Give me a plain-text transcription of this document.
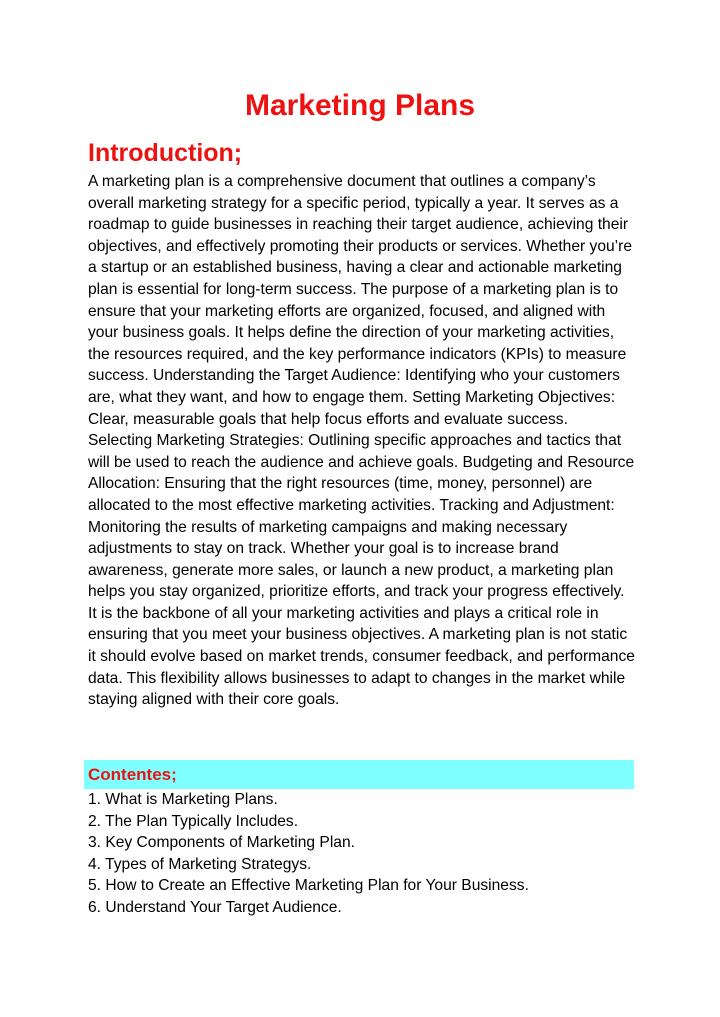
Marketing Plans
Introduction;

A marketing plan is a comprehensive document that outlines a company’s overall marketing strategy for a specific period, typically a year. It serves as a roadmap to guide businesses in reaching their target audience, achieving their objectives, and effectively promoting their products or services. Whether you’re a startup or an established business, having a clear and actionable marketing plan is essential for long-term success. The purpose of a marketing plan is to ensure that your marketing efforts are organized, focused, and aligned with your business goals. It helps define the direction of your marketing activities, the resources required, and the key performance indicators (KPIs) to measure success. Understanding the Target Audience: Identifying who your customers are, what they want, and how to engage them. Setting Marketing Objectives: Clear, measurable goals that help focus efforts and evaluate success. Selecting Marketing Strategies: Outlining specific approaches and tactics that will be used to reach the audience and achieve goals. Budgeting and Resource Allocation: Ensuring that the right resources (time, money, personnel) are allocated to the most effective marketing activities. Tracking and Adjustment: Monitoring the results of marketing campaigns and making necessary adjustments to stay on track. Whether your goal is to increase brand awareness, generate more sales, or launch a new product, a marketing plan helps you stay organized, prioritize efforts, and track your progress effectively. It is the backbone of all your marketing activities and plays a critical role in ensuring that you meet your business objectives. A marketing plan is not static it should evolve based on market trends, consumer feedback, and performance data. This flexibility allows businesses to adapt to changes in the market while staying aligned with their core goals.

Contentes;
1. What is Marketing Plans.
2. The Plan Typically Includes.
3. Key Components of Marketing Plan.
4. Types of Marketing Strategys.
5. How to Create an Effective Marketing Plan for Your Business.
6. Understand Your Target Audience.
